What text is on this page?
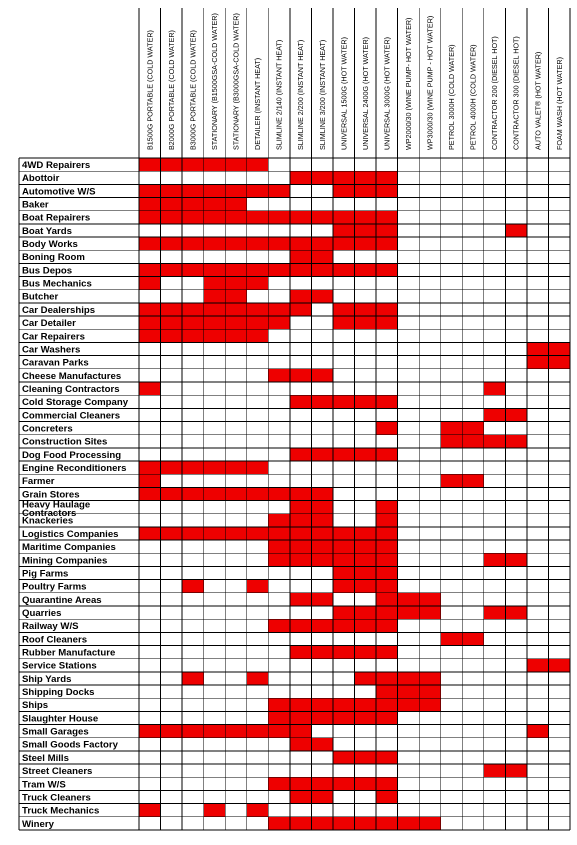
B1500G PORTABLE (COLD WATER) B2000G PORTABLE (COLD WATER) B3000G PORTABLE (COLD WATER) STATIONARY (B1500GSA-COLD WATER) STATIONARY (B3000GSA-COLD WATER) DETAILER (INSTANT HEAT) SLIMLINE 2/140 (INSTANT HEAT) SLIMLINE 2/200 (INSTANT HEAT) SLIMLINE 3/200 (INSTANT HEAT) UNIVERSAL 1500G (HOT WATER) UNIVERSAL 2400G (HOT WATER) UNIVERSAL 3000G (HOT WATER) WP2000/30 (WINE PUMP- HOT WATER) WP3000/30 (WINE PUMP - HOT WATER) PETROL 3000H (COLD WATER) PETROL 4000H (COLD WATER) CONTRACTOR 200 (DIESEL HOT) CONTRACTOR 300 (DIESEL HOT) AUTO VALET® (HOT WATER) FOAM WASH (HOT WATER)
4WD Repairers
Abottoir
Automotive W/S
Baker
Boat Repairers
Boat Yards
Body Works
Boning Room
Bus Depos
Bus Mechanics
Butcher
Car Dealerships
Car Detailer
Car Repairers
Car Washers
Caravan Parks
Cheese Manufactures
Cleaning Contractors
Cold Storage Company
Commercial Cleaners
Concreters
Construction Sites
Dog Food Processing
Engine Reconditioners
Farmer
Grain Stores
Heavy Haulage Contractors
Knackeries
Logistics Companies
Maritime Companies
Mining Companies
Pig Farms
Poultry Farms
Quarantine Areas
Quarries
Railway W/S
Roof Cleaners
Rubber Manufacture
Service Stations
Ship Yards
Shipping Docks
Ships
Slaughter House
Small Garages
Small Goods Factory
Steel Mills
Street Cleaners
Tram W/S
Truck Cleaners
Truck Mechanics
Winery
